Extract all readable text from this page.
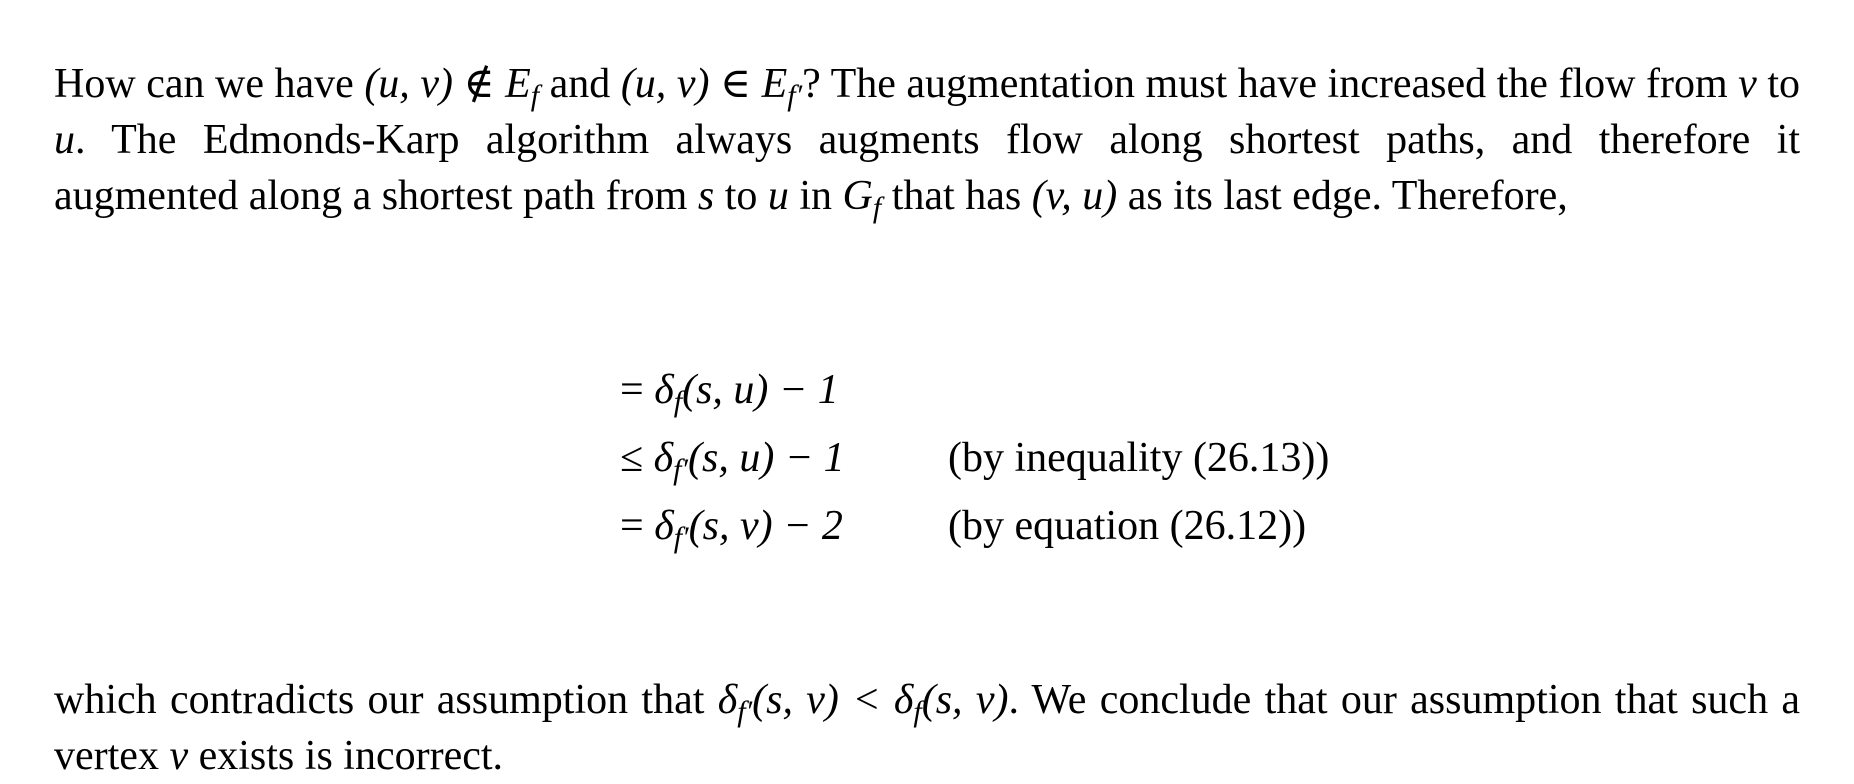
How can we have (u, v) ∉ Ef and (u, v) ∈ Ef′? The augmentation must have increased the flow from v to u. The Edmonds-Karp algorithm always augments flow along shortest paths, and therefore it augmented along a shortest path from s to u in Gf that has (v, u) as its last edge. Therefore,

= δf(s, u) − 1
≤ δf′(s, u) − 1 (by inequality (26.13))
= δf′(s, v) − 2	(by equation (26.12))

which contradicts our assumption that δf′(s, v) < δf(s, v). We conclude that our assumption that such a vertex v exists is incorrect.
